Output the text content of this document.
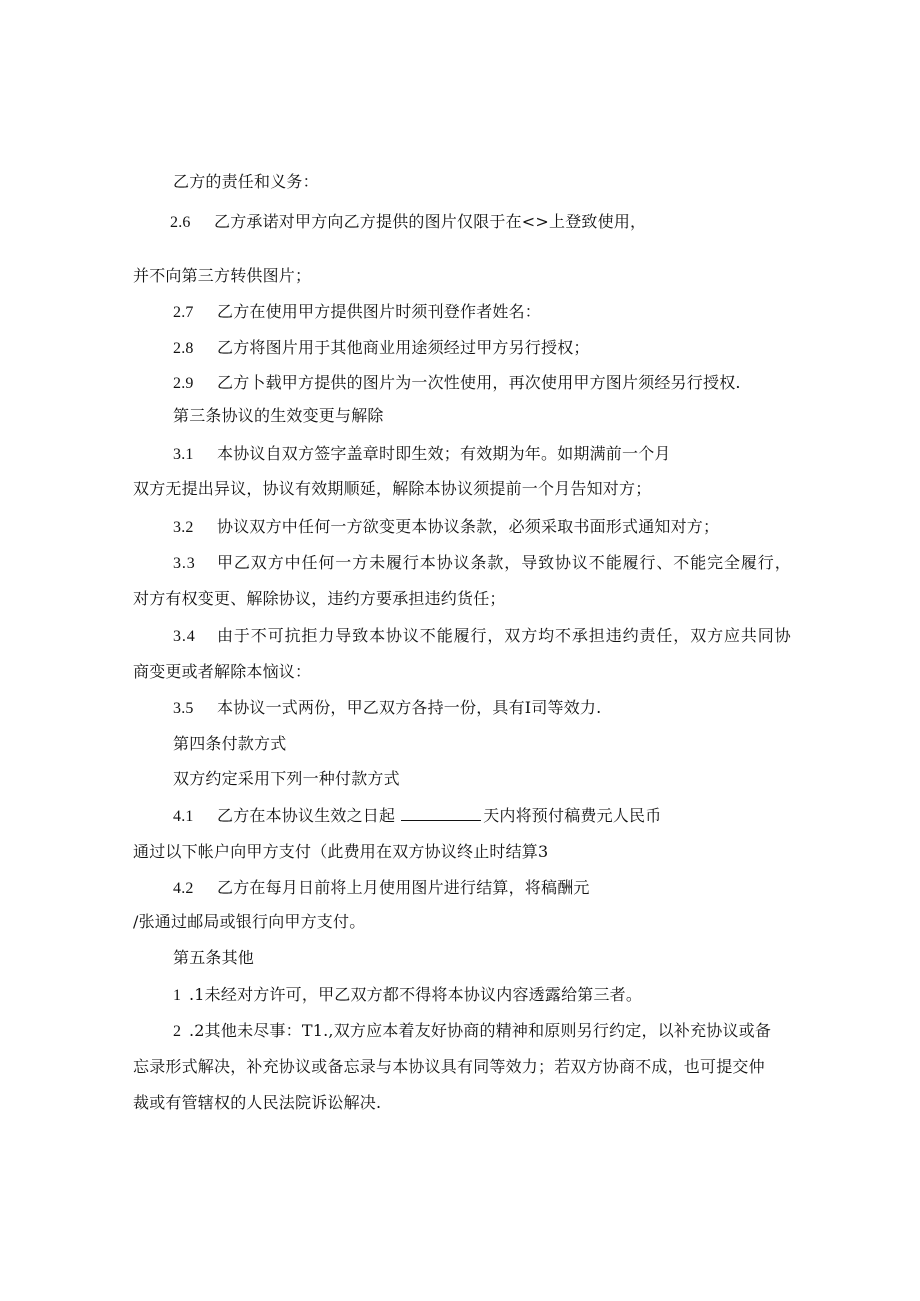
乙方的责任和义务：
2.6 乙方承诺对甲方向乙方提供的图片仅限于在<>上登致使用，
并不向第三方转供图片；
2.7 乙方在使用甲方提供图片时须刊登作者姓名：
2.8 乙方将图片用于其他商业用途须经过甲方另行授权；
2.9 乙方卜载甲方提供的图片为一次性使用，再次使用甲方图片须经另行授权.
第三条协议的生效变更与解除
3.1 本协议自双方签字盖章时即生效；有效期为年。如期满前一个月
双方无提出异议，协议有效期顺延，解除本协议须提前一个月告知对方；
3.2 协议双方中任何一方欲变更本协议条款，必须采取书面形式通知对方；
3.3 甲乙双方中任何一方未履行本协议条款，导致协议不能履行、不能完全履行，
对方有权变更、解除协议，违约方要承担违约货任；
3.4 由于不可抗拒力导致本协议不能履行，双方均不承担违约责任，双方应共同协
商变更或者解除本恼议：
3.5 本协议一式两份，甲乙双方各持一份，具有I司等效力.
第四条付款方式
双方约定采用下列一种付款方式
4.1 乙方在本协议生效之日起	天内将预付稿费元人民币
通过以下帐户向甲方支付（此费用在双方协议终止时结算3
4.2 乙方在每月日前将上月使用图片进行结算，将稿酬元
/张通过邮局或银行向甲方支付。
第五条其他
1 .1未经对方许可，甲乙双方都不得将本协议内容透露给第三者。
2 .2其他未尽事：T1.,双方应本着友好协商的精神和原则另行约定，以补充协议或备
忘录形式解决，补充协议或备忘录与本协议具有同等效力；若双方协商不成，也可提交仲
裁或有管辖权的人民法院诉讼解决.
